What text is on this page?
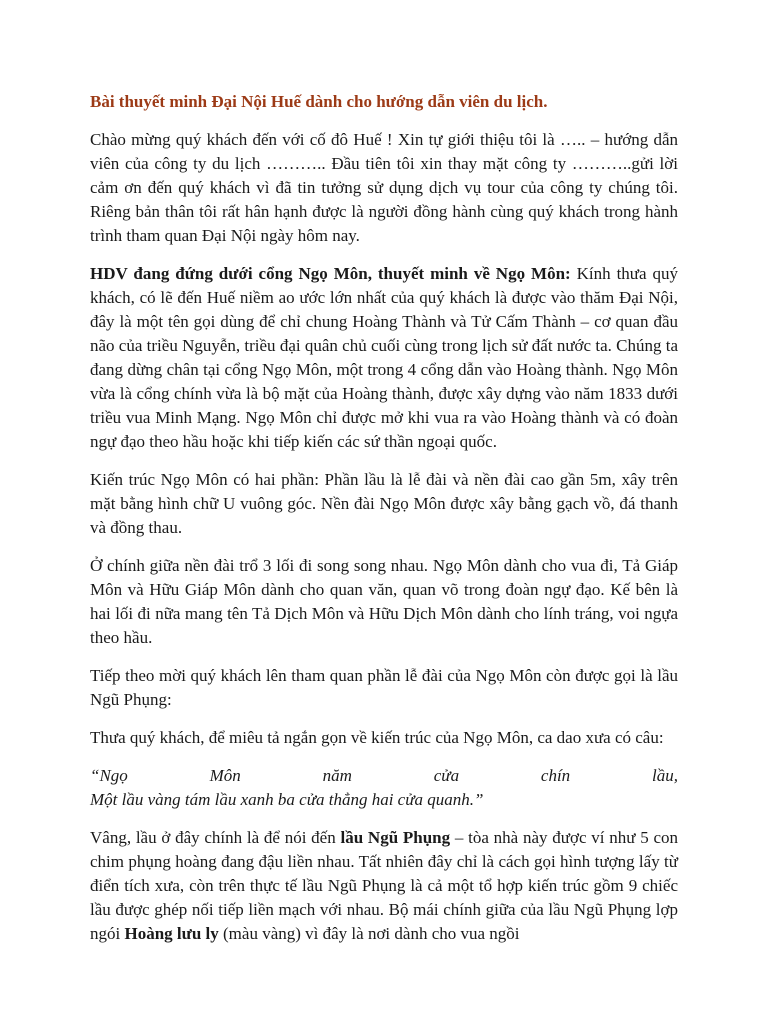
Bài thuyết minh Đại Nội Huế dành cho hướng dẫn viên du lịch.

Chào mừng quý khách đến với cố đô Huế ! Xin tự giới thiệu tôi là ….. – hướng dẫn viên của công ty du lịch ……….. Đầu tiên tôi xin thay mặt công ty ………..gửi lời cảm ơn đến quý khách vì đã tin tưởng sử dụng dịch vụ tour của công ty chúng tôi. Riêng bản thân tôi rất hân hạnh được là người đồng hành cùng quý khách trong hành trình tham quan Đại Nội ngày hôm nay.

HDV đang đứng dưới cổng Ngọ Môn, thuyết minh về Ngọ Môn: Kính thưa quý khách, có lẽ đến Huế niềm ao ước lớn nhất của quý khách là được vào thăm Đại Nội, đây là một tên gọi dùng để chỉ chung Hoàng Thành và Tử Cấm Thành – cơ quan đầu não của triều Nguyễn, triều đại quân chủ cuối cùng trong lịch sử đất nước ta. Chúng ta đang dừng chân tại cổng Ngọ Môn, một trong 4 cổng dẫn vào Hoàng thành. Ngọ Môn vừa là cổng chính vừa là bộ mặt của Hoàng thành, được xây dựng vào năm 1833 dưới triều vua Minh Mạng. Ngọ Môn chỉ được mở khi vua ra vào Hoàng thành và có đoàn ngự đạo theo hầu hoặc khi tiếp kiến các sứ thần ngoại quốc.

Kiến trúc Ngọ Môn có hai phần: Phần lầu là lễ đài và nền đài cao gần 5m, xây trên mặt bằng hình chữ U vuông góc. Nền đài Ngọ Môn được xây bằng gạch vồ, đá thanh và đồng thau.

Ở chính giữa nền đài trổ 3 lối đi song song nhau. Ngọ Môn dành cho vua đi, Tả Giáp Môn và Hữu Giáp Môn dành cho quan văn, quan võ trong đoàn ngự đạo. Kế bên là hai lối đi nữa mang tên Tả Dịch Môn và Hữu Dịch Môn dành cho lính tráng, voi ngựa theo hầu.

Tiếp theo mời quý khách lên tham quan phần lễ đài của Ngọ Môn còn được gọi là lầu Ngũ Phụng:

Thưa quý khách, để miêu tả ngắn gọn về kiến trúc của Ngọ Môn, ca dao xưa có câu:

“Ngọ Môn năm cửa chín lầu,
Một lầu vàng tám lầu xanh ba cửa thẳng hai cửa quanh.”

Vâng, lầu ở đây chính là để nói đến lầu Ngũ Phụng – tòa nhà này được ví như 5 con chim phụng hoàng đang đậu liền nhau. Tất nhiên đây chỉ là cách gọi hình tượng lấy từ điển tích xưa, còn trên thực tế lầu Ngũ Phụng là cả một tổ hợp kiến trúc gồm 9 chiếc lầu được ghép nối tiếp liền mạch với nhau. Bộ mái chính giữa của lầu Ngũ Phụng lợp ngói Hoàng lưu ly (màu vàng) vì đây là nơi dành cho vua ngồi
